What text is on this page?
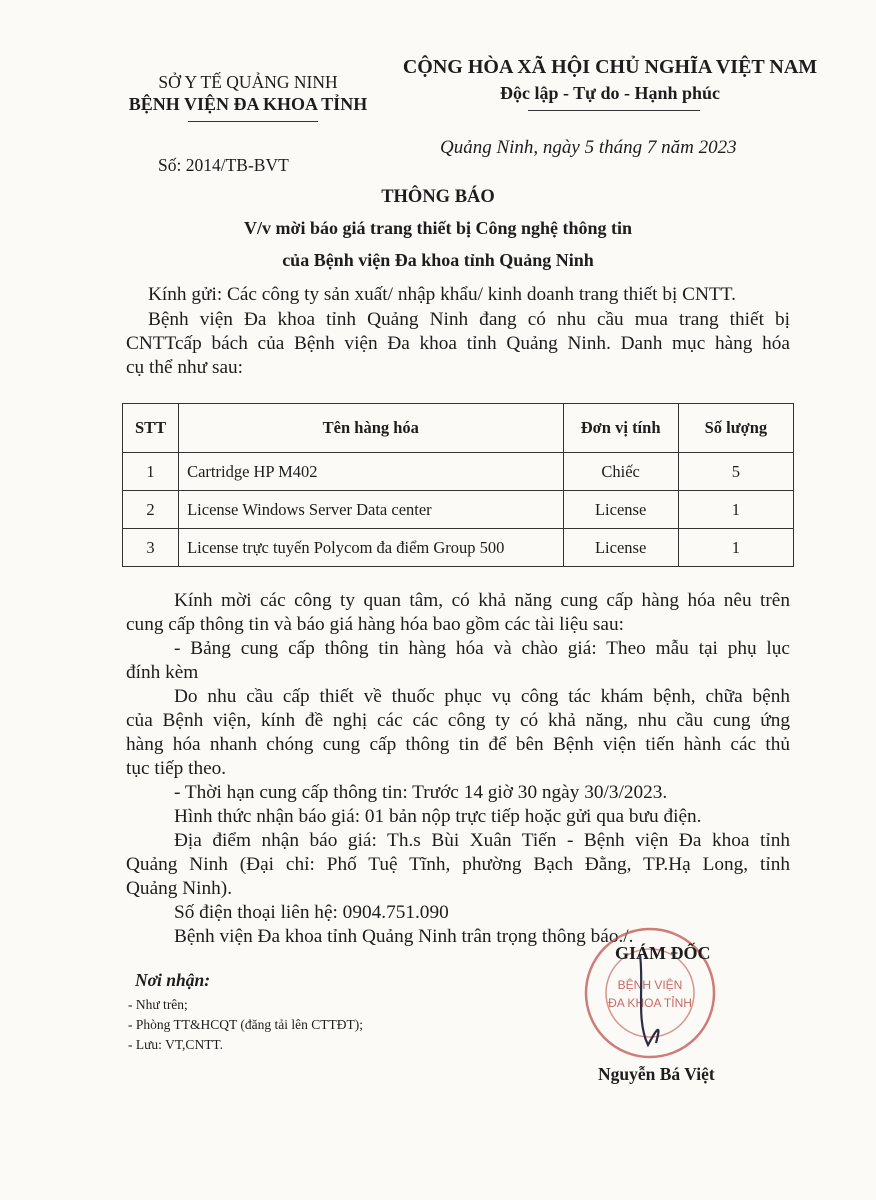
SỞ Y TẾ QUẢNG NINH
BỆNH VIỆN ĐA KHOA TỈNH
CỘNG HÒA XÃ HỘI CHỦ NGHĨA VIỆT NAM
Độc lập - Tự do - Hạnh phúc
Số: 2014/TB-BVT
Quảng Ninh, ngày 5 tháng 7 năm 2023
THÔNG BÁO
V/v mời báo giá trang thiết bị Công nghệ thông tin
của Bệnh viện Đa khoa tỉnh Quảng Ninh
Kính gửi: Các công ty sản xuất/ nhập khẩu/ kinh doanh trang thiết bị CNTT.
Bệnh viện Đa khoa tỉnh Quảng Ninh đang có nhu cầu mua trang thiết bị
CNTTcấp bách của Bệnh viện Đa khoa tỉnh Quảng Ninh. Danh mục hàng hóa
cụ thể như sau:
STT	Tên hàng hóa	Đơn vị tính	Số lượng
1	Cartridge HP M402	Chiếc	5
2	License Windows Server Data center	License	1
3	License trực tuyến Polycom đa điểm Group 500	License	1
Kính mời các công ty quan tâm, có khả năng cung cấp hàng hóa nêu trên
cung cấp thông tin và báo giá hàng hóa bao gồm các tài liệu sau:
- Bảng cung cấp thông tin hàng hóa và chào giá: Theo mẫu tại phụ lục
đính kèm
Do nhu cầu cấp thiết về thuốc phục vụ công tác khám bệnh, chữa bệnh
của Bệnh viện, kính đề nghị các các công ty có khả năng, nhu cầu cung ứng
hàng hóa nhanh chóng cung cấp thông tin để bên Bệnh viện tiến hành các thủ
tục tiếp theo.
- Thời hạn cung cấp thông tin: Trước 14 giờ 30 ngày 30/3/2023.
Hình thức nhận báo giá: 01 bản nộp trực tiếp hoặc gửi qua bưu điện.
Địa điểm nhận báo giá: Th.s Bùi Xuân Tiến - Bệnh viện Đa khoa tỉnh
Quảng Ninh (Đại chỉ: Phố Tuệ Tĩnh, phường Bạch Đằng, TP.Hạ Long, tỉnh
Quảng Ninh).
Số điện thoại liên hệ: 0904.751.090
Bệnh viện Đa khoa tỉnh Quảng Ninh trân trọng thông báo./.
Nơi nhận:
- Như trên;
- Phòng TT&HCQT (đăng tải lên CTTĐT);
- Lưu: VT,CNTT.
BỆNH VIỆN
ĐA KHOA TỈNH
GIÁM ĐỐC
Nguyễn Bá Việt
